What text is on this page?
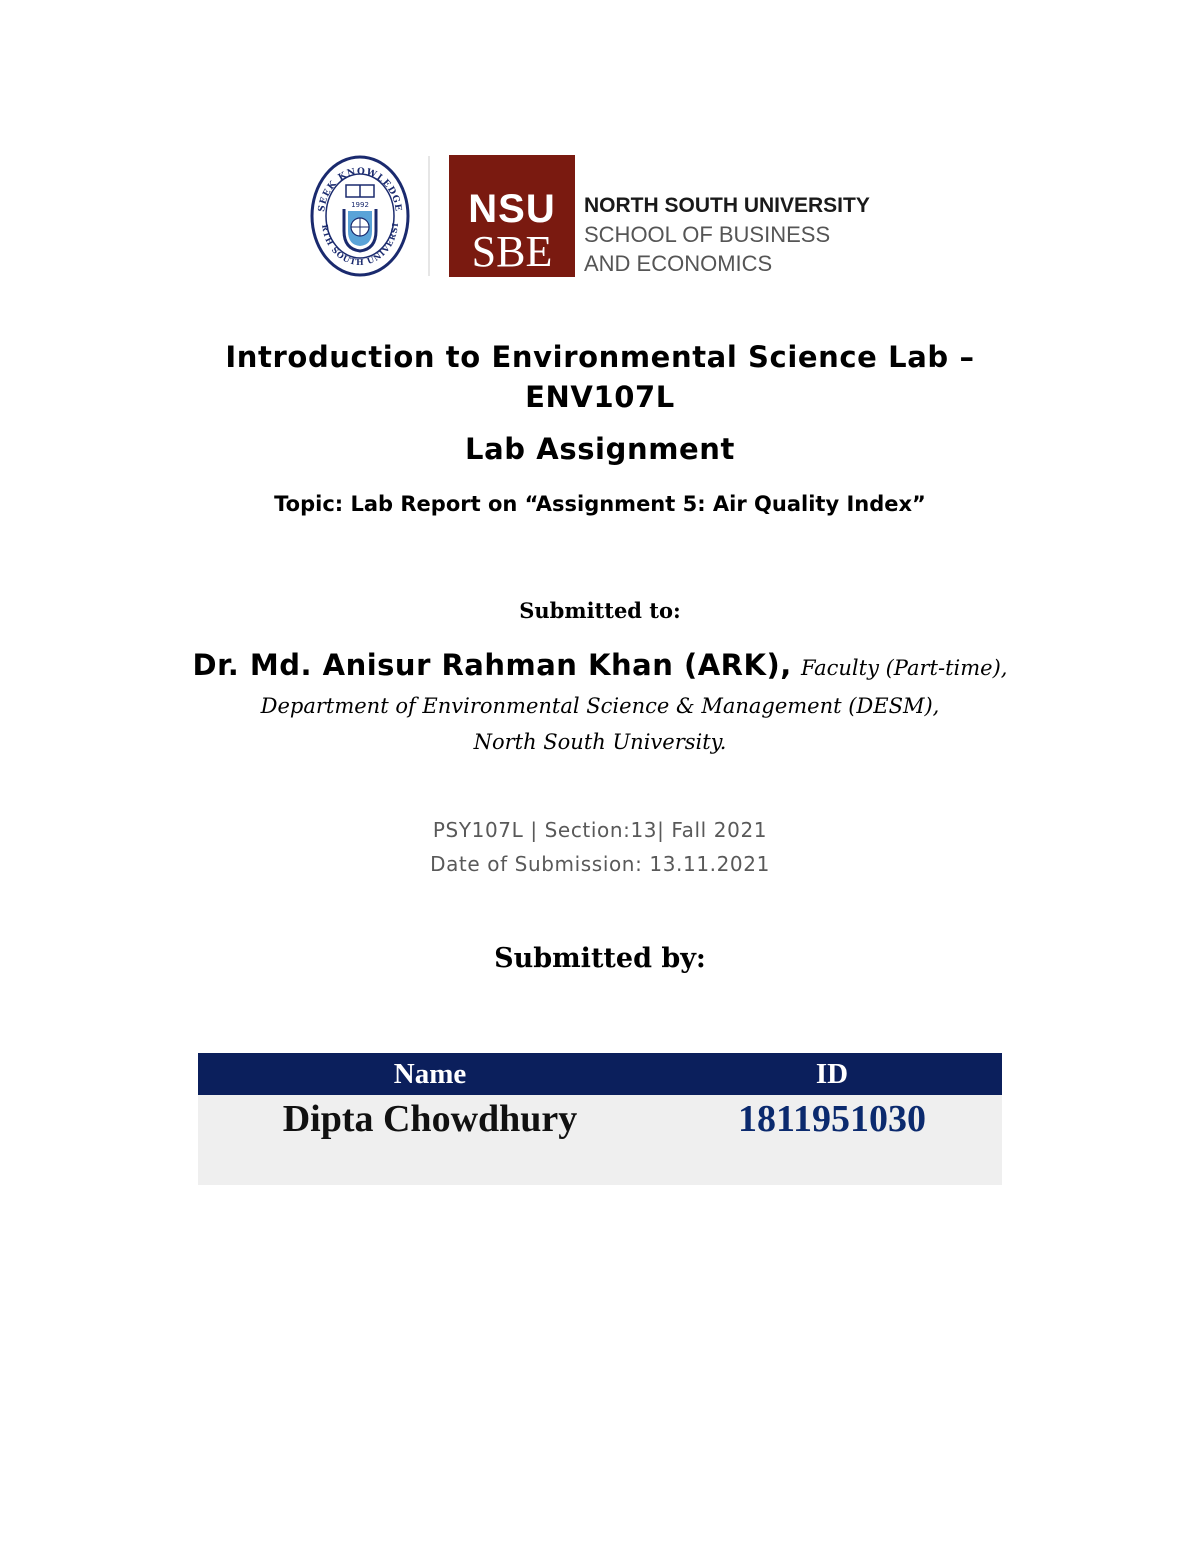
SEEK KNOWLEDGE
RTH SOUTH UNIVERSI
1992	NSU
SBE
NORTH SOUTH UNIVERSITY
SCHOOL OF BUSINESS
AND ECONOMICS
Introduction to Environmental Science Lab –
ENV107L
Lab Assignment
Topic: Lab Report on “Assignment 5: Air Quality Index”
Submitted to:
Dr. Md. Anisur Rahman Khan (ARK), Faculty (Part-time),
Department of Environmental Science & Management (DESM),
North South University.
PSY107L | Section:13| Fall 2021
Date of Submission: 13.11.2021
Submitted by:
Name	ID
Dipta Chowdhury	1811951030
